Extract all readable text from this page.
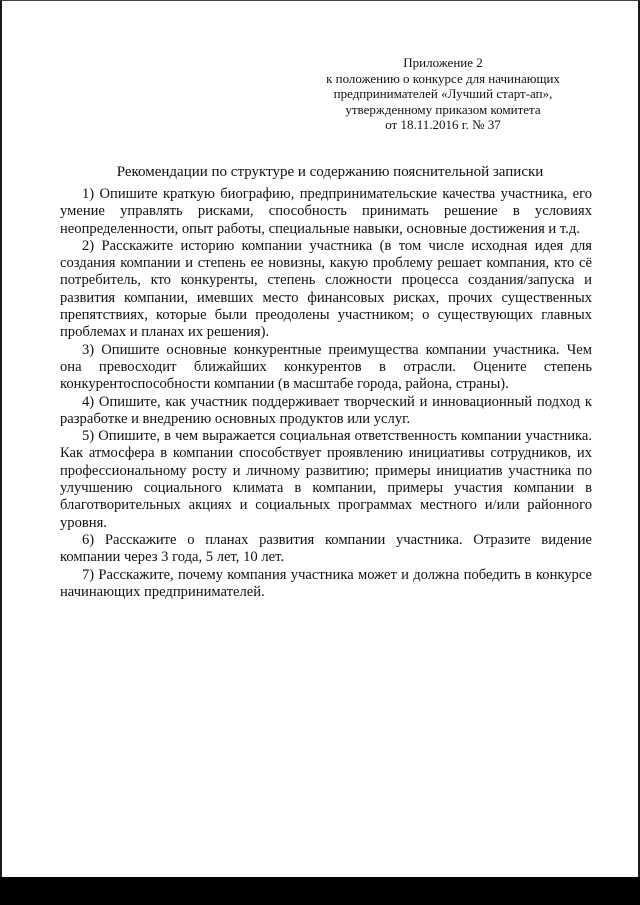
Приложение 2
к положению о конкурсе для начинающих
предпринимателей «Лучший старт-ап»,
утвержденному приказом комитета
от 18.11.2016 г. № 37
Рекомендации по структуре и содержанию пояснительной записки

1) Опишите краткую биографию, предпринимательские качества участника, его умение управлять рисками, способность принимать решение в условиях неопределенности, опыт работы, специальные навыки, основные достижения и т.д.

2) Расскажите историю компании участника (в том числе исходная идея для создания компании и степень ее новизны, какую проблему решает компания, кто сё потребитель, кто конкуренты, степень сложности процесса создания/запуска и развития компании, имевших место финансовых рисках, прочих существенных препятствиях, которые были преодолены участником; о существующих главных проблемах и планах их решения).

3) Опишите основные конкурентные преимущества компании участника. Чем она превосходит ближайших конкурентов в отрасли. Оцените степень конкурентоспособности компании (в масштабе города, района, страны).

4) Опишите, как участник поддерживает творческий и инновационный подход к разработке и внедрению основных продуктов или услуг.

5) Опишите, в чем выражается социальная ответственность компании участника. Как атмосфера в компании способствует проявлению инициативы сотрудников, их профессиональному росту и личному развитию; примеры инициатив участника по улучшению социального климата в компании, примеры участия компании в благотворительных акциях и социальных программах местного и/или районного уровня.

6) Расскажите о планах развития компании участника. Отразите видение компании через 3 года, 5 лет, 10 лет.

7) Расскажите, почему компания участника может и должна победить в конкурсе начинающих предпринимателей.
